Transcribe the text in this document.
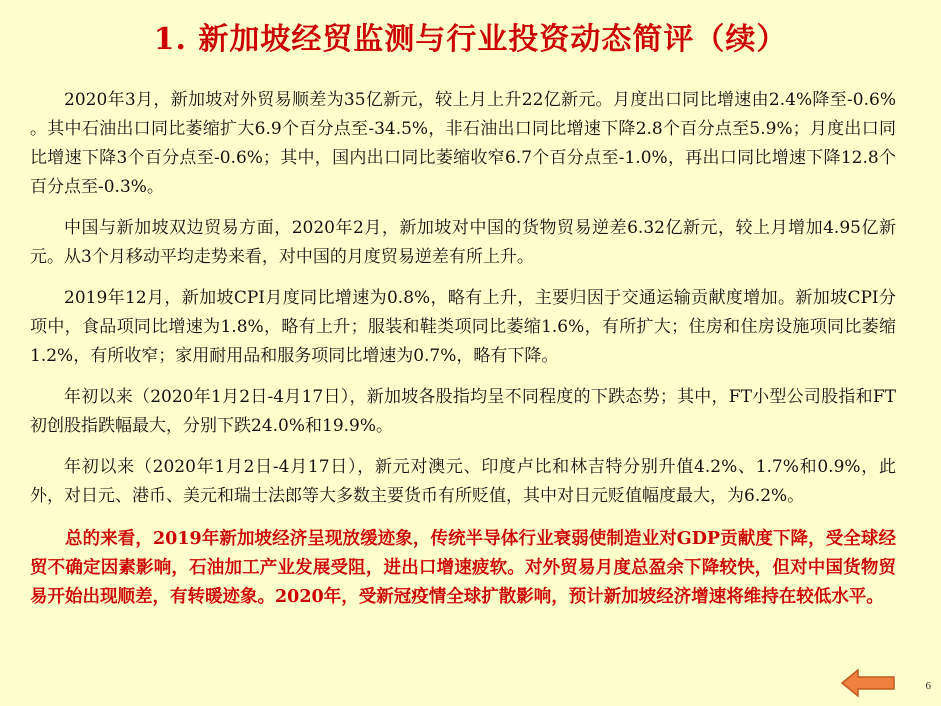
1. 新加坡经贸监测与行业投资动态简评（续）

2020年3月，新加坡对外贸易顺差为35亿新元，较上月上升22亿新元。月度出口同比增速由2.4%降至-0.6% 。其中石油出口同比萎缩扩大6.9个百分点至-34.5%，非石油出口同比增速下降2.8个百分点至5.9%；月度出口同比增速下降3个百分点至-0.6%；其中，国内出口同比萎缩收窄6.7个百分点至-1.0%，再出口同比增速下降12.8个百分点至-0.3%。

中国与新加坡双边贸易方面，2020年2月，新加坡对中国的货物贸易逆差6.32亿新元，较上月增加4.95亿新元。从3个月移动平均走势来看，对中国的月度贸易逆差有所上升。

2019年12月，新加坡CPI月度同比增速为0.8%，略有上升，主要归因于交通运输贡献度增加。新加坡CPI分项中，食品项同比增速为1.8%，略有上升；服装和鞋类项同比萎缩1.6%，有所扩大；住房和住房设施项同比萎缩1.2%，有所收窄；家用耐用品和服务项同比增速为0.7%，略有下降。

年初以来（2020年1月2日-4月17日），新加坡各股指均呈不同程度的下跌态势；其中，FT小型公司股指和FT初创股指跌幅最大，分别下跌24.0%和19.9%。

年初以来（2020年1月2日-4月17日），新元对澳元、印度卢比和林吉特分别升值4.2%、1.7%和0.9%，此外，对日元、港币、美元和瑞士法郎等大多数主要货币有所贬值，其中对日元贬值幅度最大，为6.2%。

总的来看，2019年新加坡经济呈现放缓迹象，传统半导体行业衰弱使制造业对GDP贡献度下降，受全球经贸不确定因素影响，石油加工产业发展受阻，进出口增速疲软。对外贸易月度总盈余下降较快，但对中国货物贸易开始出现顺差，有转暖迹象。2020年，受新冠疫情全球扩散影响，预计新加坡经济增速将维持在较低水平。

6
